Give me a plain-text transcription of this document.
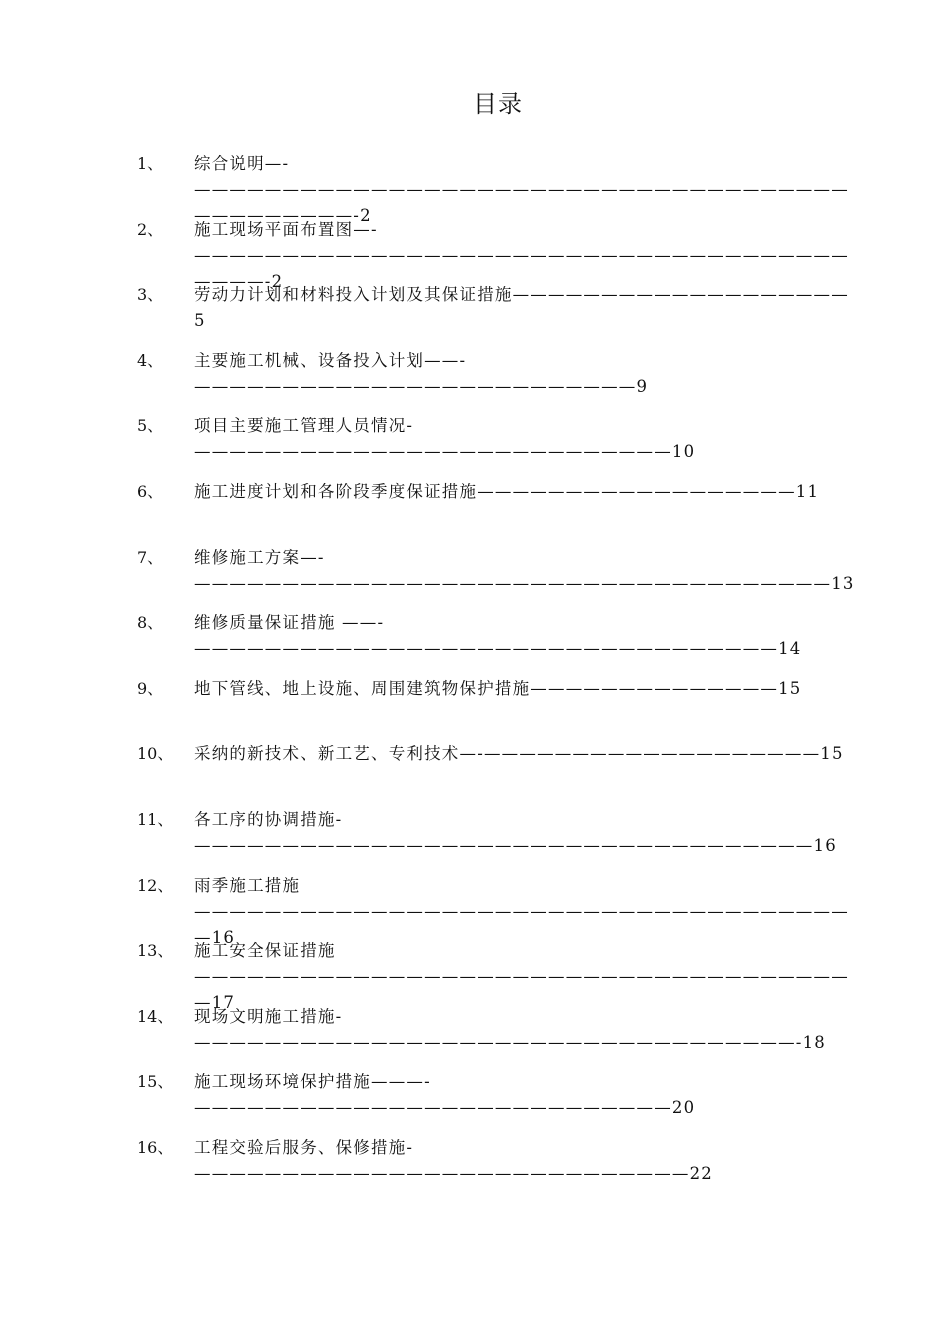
目录
1、	综合说明—-——————————————————————————————————————————————-2
2、	施工现场平面布置图—-—————————————————————————————————————————-2
3、	劳动力计划和材料投入计划及其保证措施———————————————————5
4、	主要施工机械、设备投入计划——-—————————————————————————9
5、	项目主要施工管理人员情况-———————————————————————————10
6、	施工进度计划和各阶段季度保证措施——————————————————11
7、	维修施工方案—-————————————————————————————————————13
8、	维修质量保证措施 ——-—————————————————————————————————14
9、	地下管线、地上设施、周围建筑物保护措施——————————————15
10、	采纳的新技术、新工艺、专利技术—-———————————————————15
11、	各工序的协调措施-———————————————————————————————————16
12、	雨季施工措施——————————————————————————————————————16
13、	施工安全保证措施——————————————————————————————————————17
14、	现场文明施工措施-——————————————————————————————————-18
15、	施工现场环境保护措施———-———————————————————————————20
16、	工程交验后服务、保修措施-————————————————————————————22
